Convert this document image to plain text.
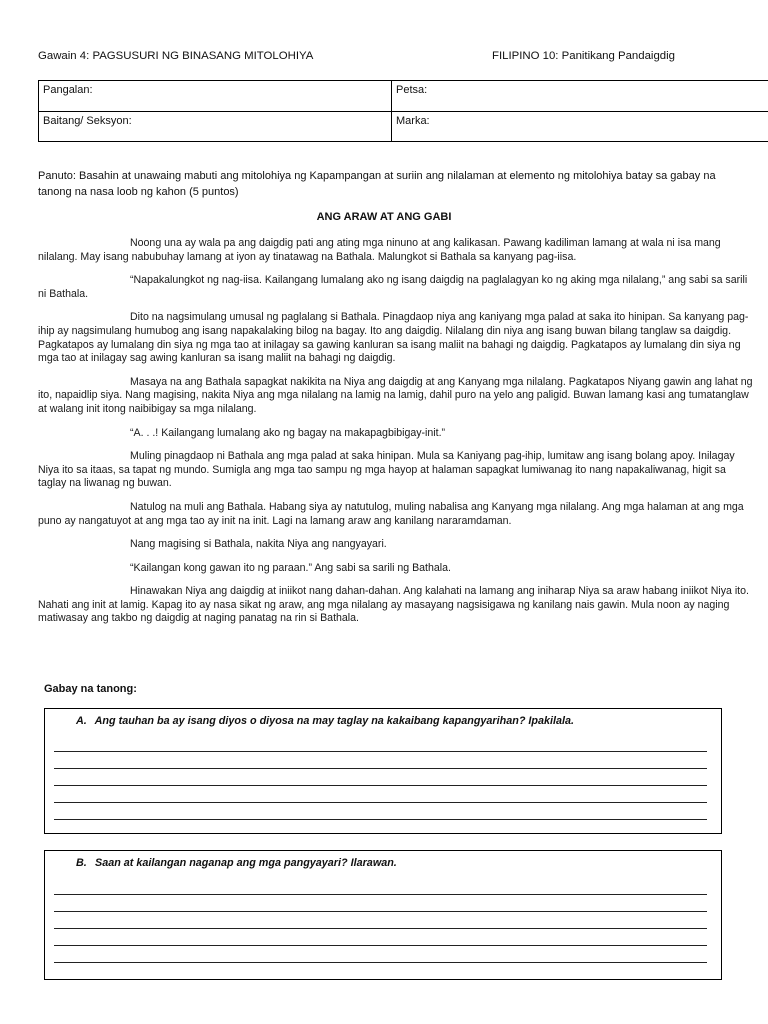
Gawain 4: PAGSUSURI NG BINASANG MITOLOHIYA	FILIPINO 10: Panitikang Pandaigdig
Pangalan:	Petsa:
Baitang/ Seksyon:	Marka:
Panuto: Basahin at unawaing mabuti ang mitolohiya ng Kapampangan at suriin ang nilalaman at elemento ng mitolohiya batay sa gabay na tanong na nasa loob ng kahon (5 puntos)
ANG ARAW AT ANG GABI

Noong una ay wala pa ang daigdig pati ang ating mga ninuno at ang kalikasan. Pawang kadiliman lamang at wala ni isa mang nilalang. May isang nabubuhay lamang at iyon ay tinatawag na Bathala. Malungkot si Bathala sa kanyang pag-iisa.

“Napakalungkot ng nag-iisa. Kailangang lumalang ako ng isang daigdig na paglalagyan ko ng aking mga nilalang,” ang sabi sa sarili ni Bathala.

Dito na nagsimulang umusal ng paglalang si Bathala. Pinagdaop niya ang kaniyang mga palad at saka ito hinipan. Sa kanyang pag-ihip ay nagsimulang humubog ang isang napakalaking bilog na bagay. Ito ang daigdig. Nilalang din niya ang isang buwan bilang tanglaw sa daigdig. Pagkatapos ay lumalang din siya ng mga tao at inilagay sa gawing kanluran sa isang maliit na bahagi ng daigdig. Pagkatapos ay lumalang din siya ng mga tao at inilagay sag awing kanluran sa isang maliit na bahagi ng daigdig.

Masaya na ang Bathala sapagkat nakikita na Niya ang daigdig at ang Kanyang mga nilalang. Pagkatapos Niyang gawin ang lahat ng ito, napaidlip siya. Nang magising, nakita Niya ang mga nilalang na lamig na lamig, dahil puro na yelo ang paligid. Buwan lamang kasi ang tumatanglaw at walang init itong naibibigay sa mga nilalang.

“A. . .! Kailangang lumalang ako ng bagay na makapagbibigay-init.”

Muling pinagdaop ni Bathala ang mga palad at saka hinipan. Mula sa Kaniyang pag-ihip, lumitaw ang isang bolang apoy. Inilagay Niya ito sa itaas, sa tapat ng mundo. Sumigla ang mga tao sampu ng mga hayop at halaman sapagkat lumiwanag ito nang napakaliwanag, higit sa taglay na liwanag ng buwan.

Natulog na muli ang Bathala. Habang siya ay natutulog, muling nabalisa ang Kanyang mga nilalang. Ang mga halaman at ang mga puno ay nangatuyot at ang mga tao ay init na init. Lagi na lamang araw ang kanilang nararamdaman.

Nang magising si Bathala, nakita Niya ang nangyayari.

“Kailangan kong gawan ito ng paraan.” Ang sabi sa sarili ng Bathala.

Hinawakan Niya ang daigdig at iniikot nang dahan-dahan. Ang kalahati na lamang ang iniharap Niya sa araw habang iniikot Niya ito. Nahati ang init at lamig. Kapag ito ay nasa sikat ng araw, ang mga nilalang ay masayang nagsisigawa ng kanilang nais gawin. Mula noon ay naging matiwasay ang takbo ng daigdig at naging panatag na rin si Bathala.

Gabay na tanong:
A. Ang tauhan ba ay isang diyos o diyosa na may taglay na kakaibang kapangyarihan? Ipakilala.
B. Saan at kailangan naganap ang mga pangyayari? Ilarawan.
